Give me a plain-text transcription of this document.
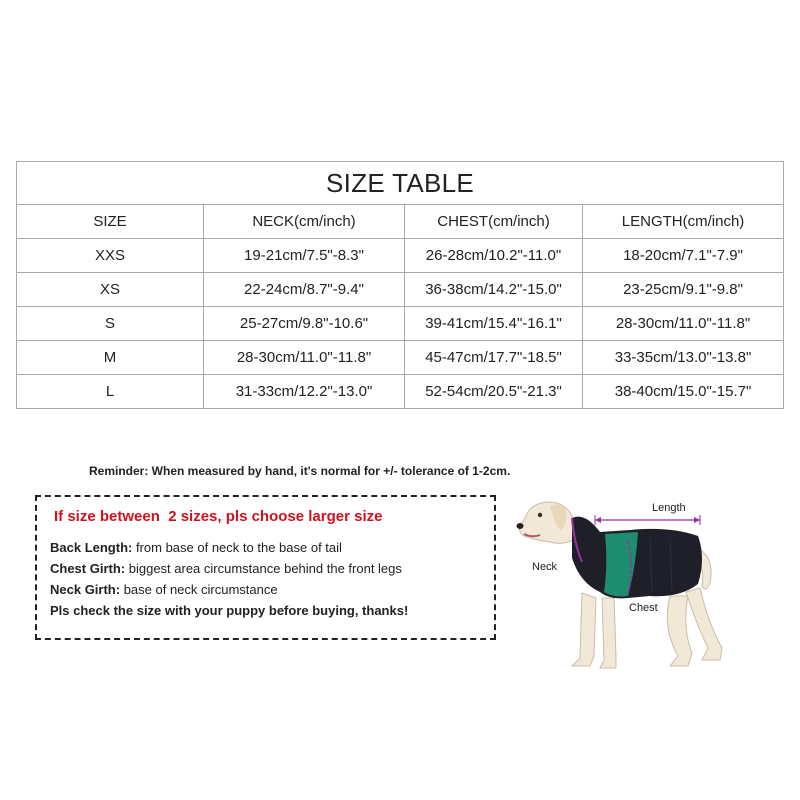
SIZE TABLE			
SIZE	NECK(cm/inch)	CHEST(cm/inch)	LENGTH(cm/inch)
XXS	19-21cm/7.5"-8.3"	26-28cm/10.2"-11.0"	18-20cm/7.1"-7.9"
XS	22-24cm/8.7"-9.4"	36-38cm/14.2"-15.0"	23-25cm/9.1"-9.8"
S	25-27cm/9.8"-10.6"	39-41cm/15.4"-16.1"	28-30cm/11.0"-11.8"
M	28-30cm/11.0"-11.8"	45-47cm/17.7"-18.5"	33-35cm/13.0"-13.8"
L	31-33cm/12.2"-13.0"	52-54cm/20.5"-21.3"	38-40cm/15.0"-15.7"
Reminder: When measured by hand, it's normal for +/- tolerance of 1-2cm.
If size between  2 sizes, pls choose larger size
Back Length: from base of neck to the base of tail
Chest Girth: biggest area circumstance behind the front legs
Neck Girth: base of neck circumstance
Pls check the size with your puppy before buying, thanks!
Length
Neck
Chest
